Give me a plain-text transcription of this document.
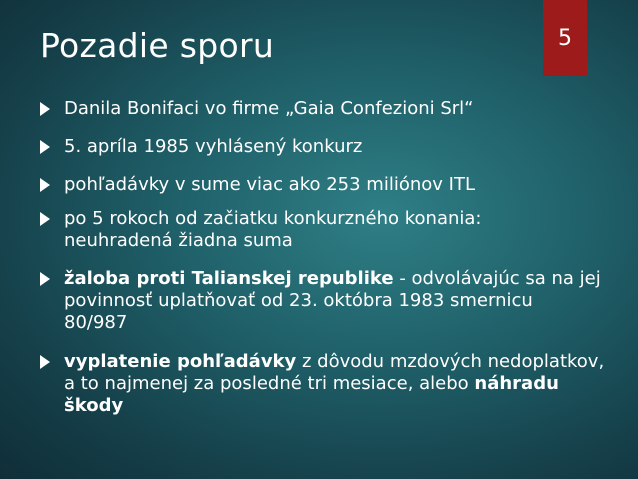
Pozadie sporu	5
Danila Bonifaci vo firme „Gaia Confezioni Srl“
5. apríla 1985 vyhlásený konkurz
pohľadávky v sume viac ako 253 miliónov ITL
po 5 rokoch od začiatku konkurzného konania:
neuhradená žiadna suma
žaloba proti Talianskej republike - odvolávajúc sa na jej
povinnosť uplatňovať od 23. októbra 1983 smernicu
80/987
vyplatenie pohľadávky z dôvodu mzdových nedoplatkov,
a to najmenej za posledné tri mesiace, alebo náhradu
škody
